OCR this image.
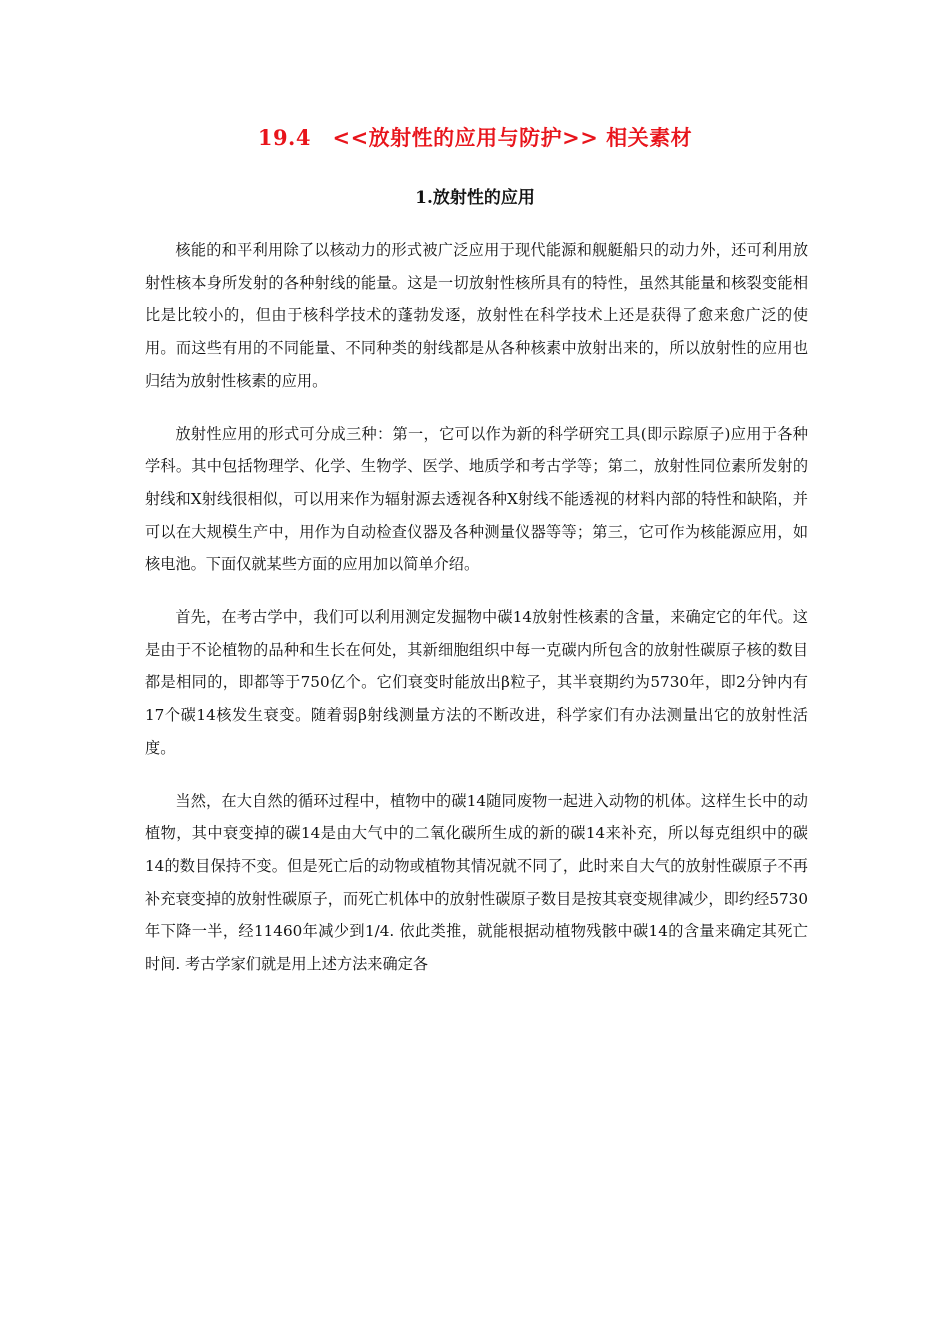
19.4　<<放射性的应用与防护>> 相关素材
1.放射性的应用

核能的和平利用除了以核动力的形式被广泛应用于现代能源和舰艇船只的动力外，还可利用放射性核本身所发射的各种射线的能量。这是一切放射性核所具有的特性，虽然其能量和核裂变能相比是比较小的，但由于核科学技术的蓬勃发逐，放射性在科学技术上还是获得了愈来愈广泛的使用。而这些有用的不同能量、不同种类的射线都是从各种核素中放射出来的，所以放射性的应用也归结为放射性核素的应用。

放射性应用的形式可分成三种：第一，它可以作为新的科学研究工具(即示踪原子)应用于各种学科。其中包括物理学、化学、生物学、医学、地质学和考古学等；第二，放射性同位素所发射的射线和X射线很相似，可以用来作为辐射源去透视各种X射线不能透视的材料内部的特性和缺陷，并可以在大规模生产中，用作为自动检查仪器及各种测量仪器等等；第三，它可作为核能源应用，如核电池。下面仅就某些方面的应用加以简单介绍。

首先，在考古学中，我们可以利用测定发掘物中碳14放射性核素的含量，来确定它的年代。这是由于不论植物的品种和生长在何处，其新细胞组织中每一克碳内所包含的放射性碳原子核的数目都是相同的，即都等于750亿个。它们衰变时能放出β粒子，其半衰期约为5730年，即2分钟内有17个碳14核发生衰变。随着弱β射线测量方法的不断改进，科学家们有办法测量出它的放射性活度。

当然，在大自然的循环过程中，植物中的碳14随同废物一起进入动物的机体。这样生长中的动植物，其中衰变掉的碳14是由大气中的二氧化碳所生成的新的碳14来补充，所以每克组织中的碳14的数目保持不变。但是死亡后的动物或植物其情况就不同了，此时来自大气的放射性碳原子不再补充衰变掉的放射性碳原子，而死亡机体中的放射性碳原子数目是按其衰变规律减少，即约经5730年下降一半，经11460年减少到1/4. 依此类推，就能根据动植物残骸中碳14的含量来确定其死亡时间. 考古学家们就是用上述方法来确定各
